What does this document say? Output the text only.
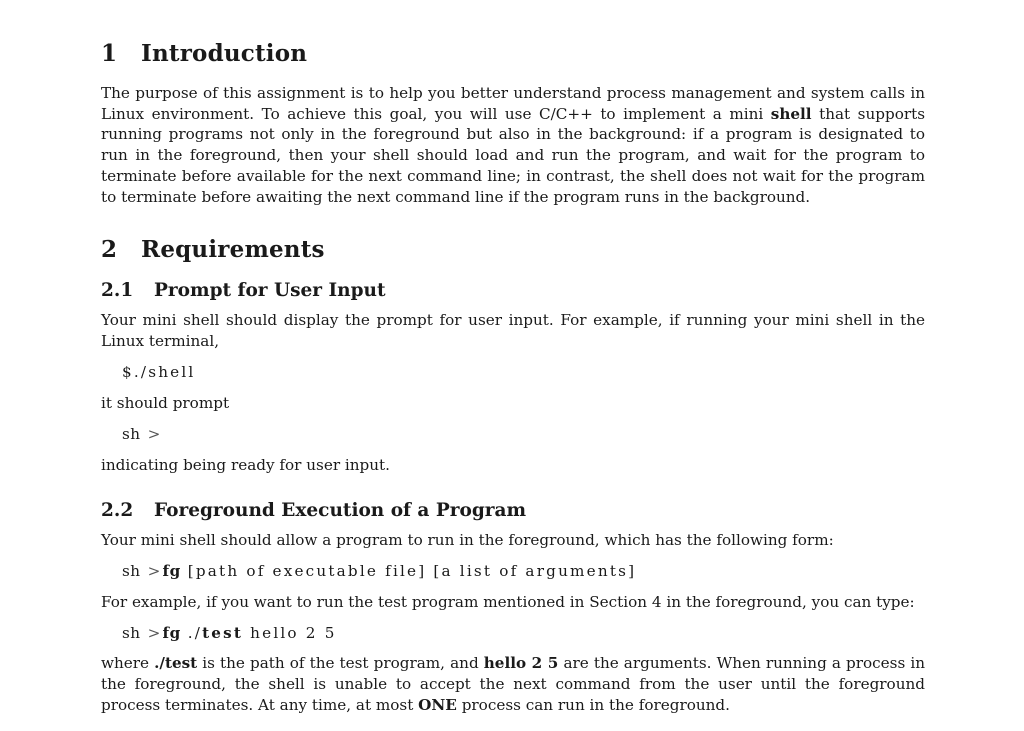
1 Introduction

The purpose of this assignment is to help you better understand process management and system calls in Linux environment. To achieve this goal, you will use C/C++ to implement a mini shell that supports running programs not only in the foreground but also in the background: if a program is designated to run in the foreground, then your shell should load and run the program, and wait for the program to terminate before available for the next command line; in contrast, the shell does not wait for the program to terminate before awaiting the next command line if the program runs in the background.

2 Requirements
2.1 Prompt for User Input

Your mini shell should display the prompt for user input. For example, if running your mini shell in the Linux terminal,

$./shell

it should prompt

sh >

indicating being ready for user input.

2.2 Foreground Execution of a Program

Your mini shell should allow a program to run in the foreground, which has the following form:

sh >fg [path of executable file] [a list of arguments]

For example, if you want to run the test program mentioned in Section 4 in the foreground, you can type:

sh >fg ./test hello 2 5

where ./test is the path of the test program, and hello 2 5 are the arguments. When running a process in the foreground, the shell is unable to accept the next command from the user until the foreground process terminates. At any time, at most ONE process can run in the foreground.
